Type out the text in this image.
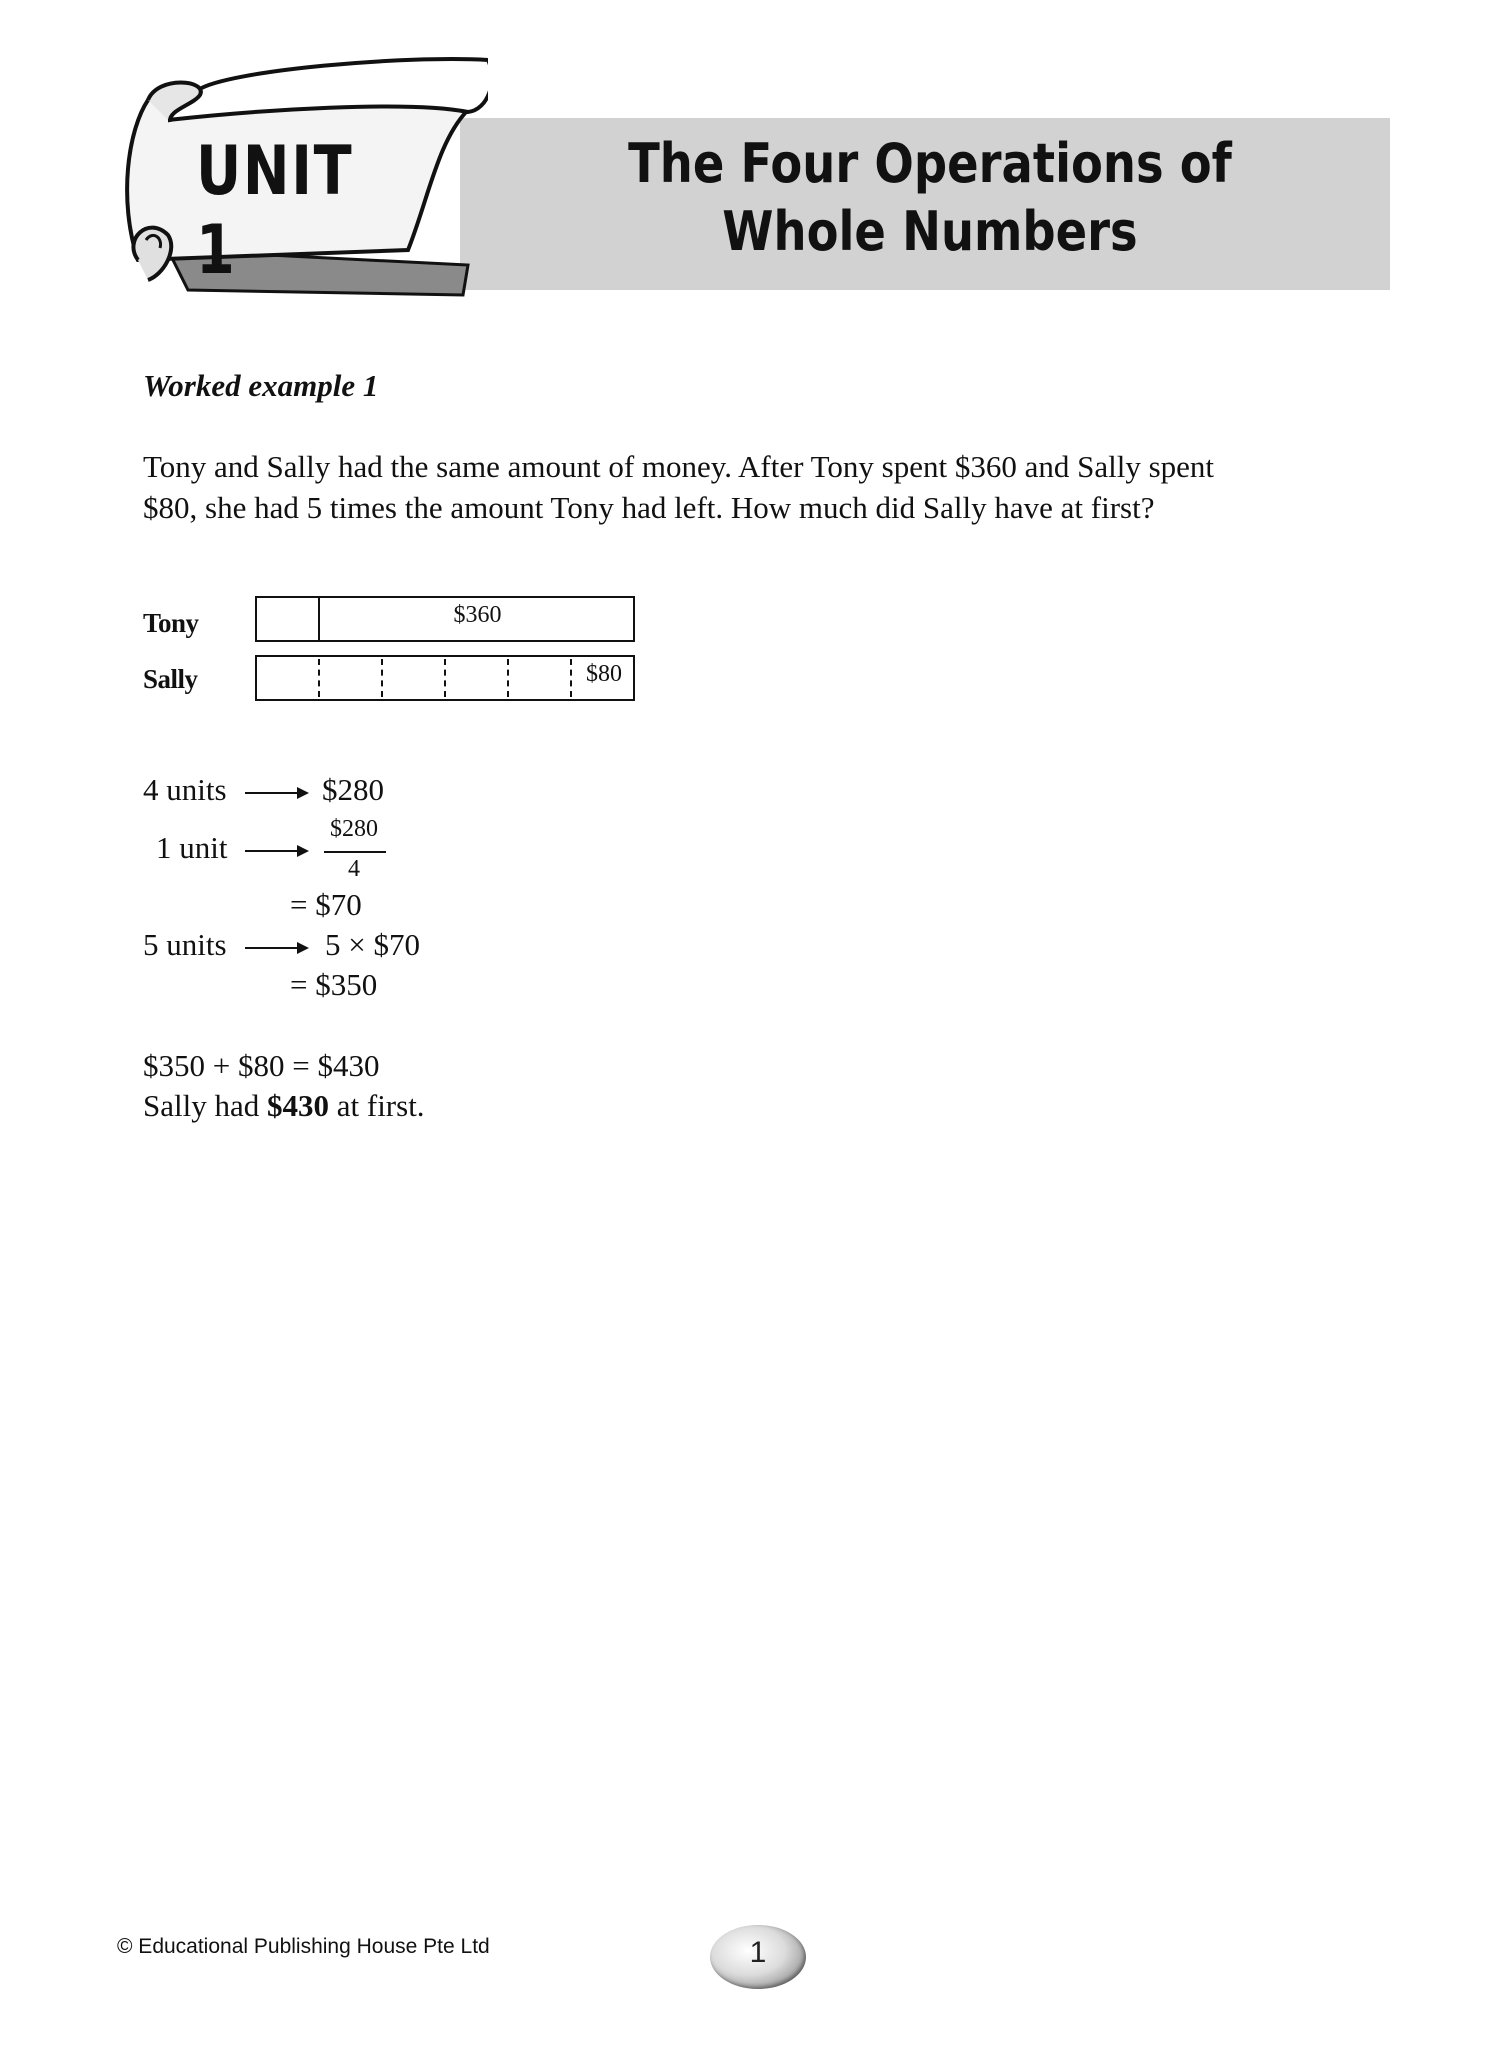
UNIT 1
The Four Operations of
Whole Numbers
Worked example 1
Tony and Sally had the same amount of money. After Tony spent $360 and Sally spent
$80, she had 5 times the amount Tony had left. How much did Sally have at first?
Tony	$360
Sally	$80
4 units	$280
1 unit
$280
4
= $70
5 units	5 × $70
= $350
$350 + $80 = $430
Sally had $430 at first.
© Educational Publishing House Pte Ltd	1
